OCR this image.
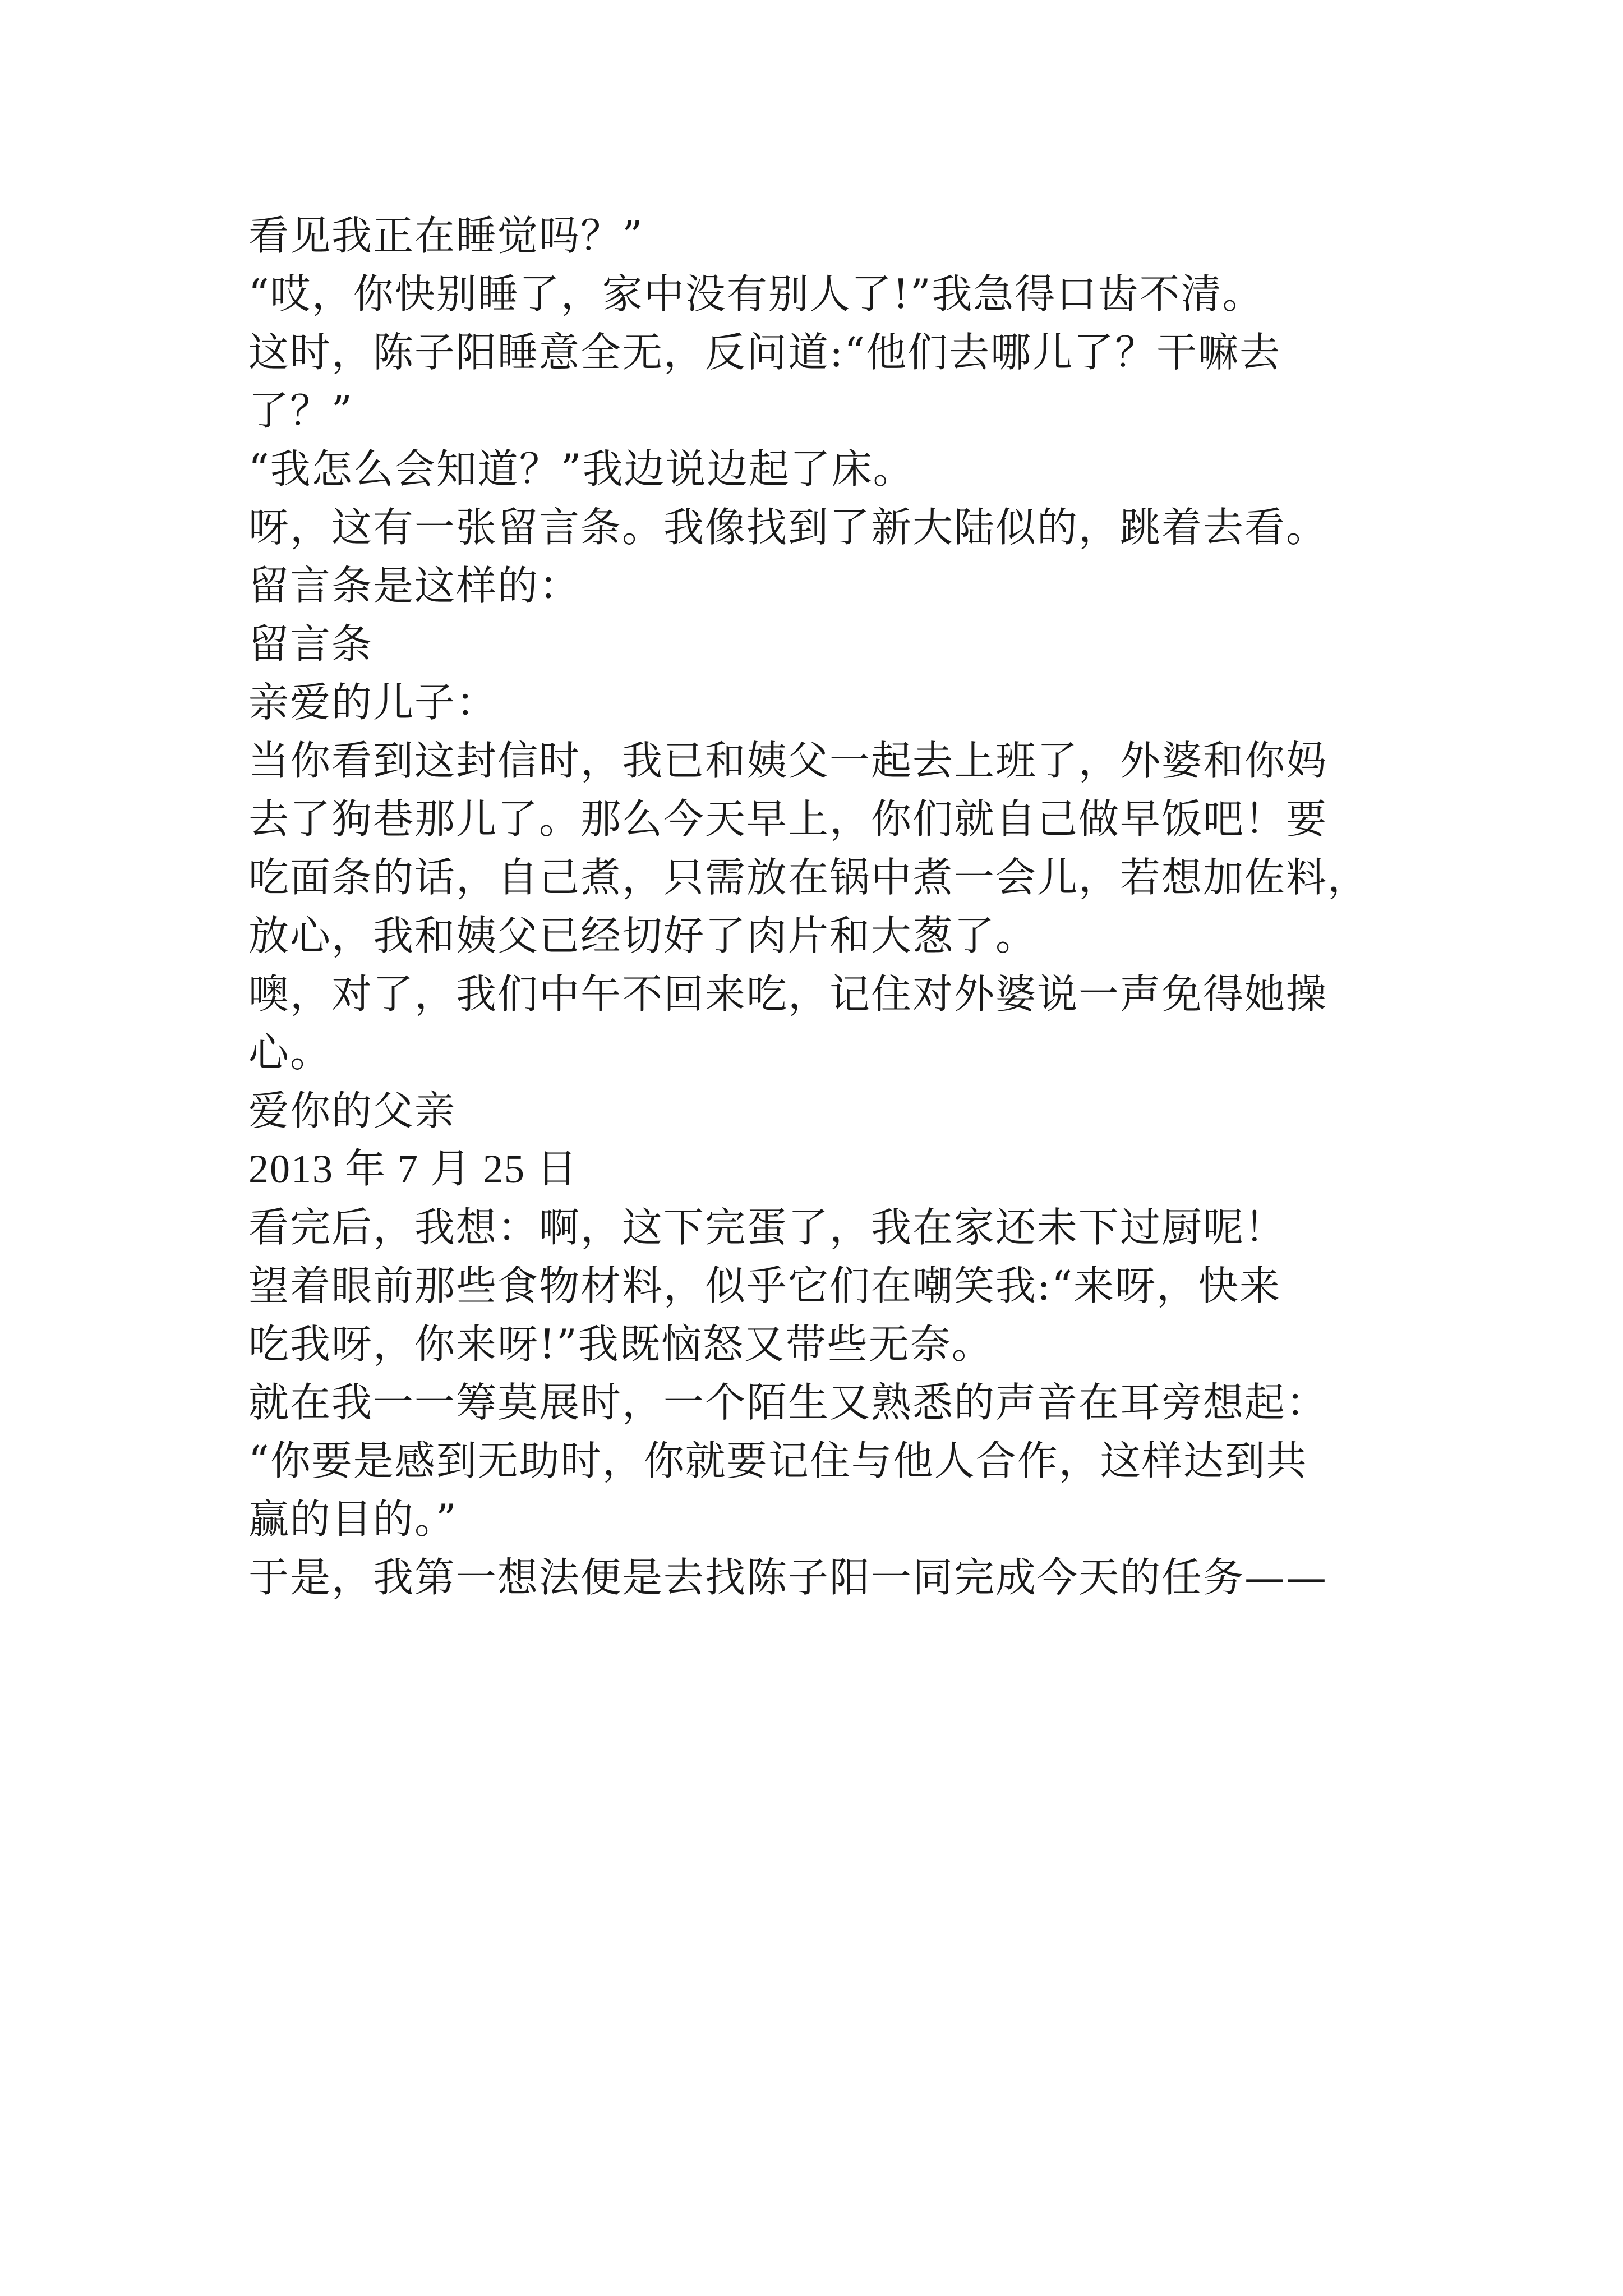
看见我正在睡觉吗？”
“哎，你快别睡了，家中没有别人了!”我急得口齿不清。
这时，陈子阳睡意全无，反问道:“他们去哪儿了？干嘛去
了？”
“我怎么会知道？”我边说边起了床。
呀，这有一张留言条。我像找到了新大陆似的，跳着去看。
留言条是这样的：
留言条
亲爱的儿子：
当你看到这封信时，我已和姨父一起去上班了，外婆和你妈
去了狗巷那儿了。那么今天早上，你们就自己做早饭吧！要
吃面条的话，自己煮，只需放在锅中煮一会儿，若想加佐料，
放心，我和姨父已经切好了肉片和大葱了。
噢，对了，我们中午不回来吃，记住对外婆说一声免得她操
心。
爱你的父亲
2013 年 7 月 25 日
看完后，我想：啊，这下完蛋了，我在家还未下过厨呢！
望着眼前那些食物材料，似乎它们在嘲笑我:“来呀，快来
吃我呀，你来呀!”我既恼怒又带些无奈。
就在我一一筹莫展时，一个陌生又熟悉的声音在耳旁想起：
“你要是感到无助时，你就要记住与他人合作，这样达到共
赢的目的。”
于是，我第一想法便是去找陈子阳一同完成今天的任务——
